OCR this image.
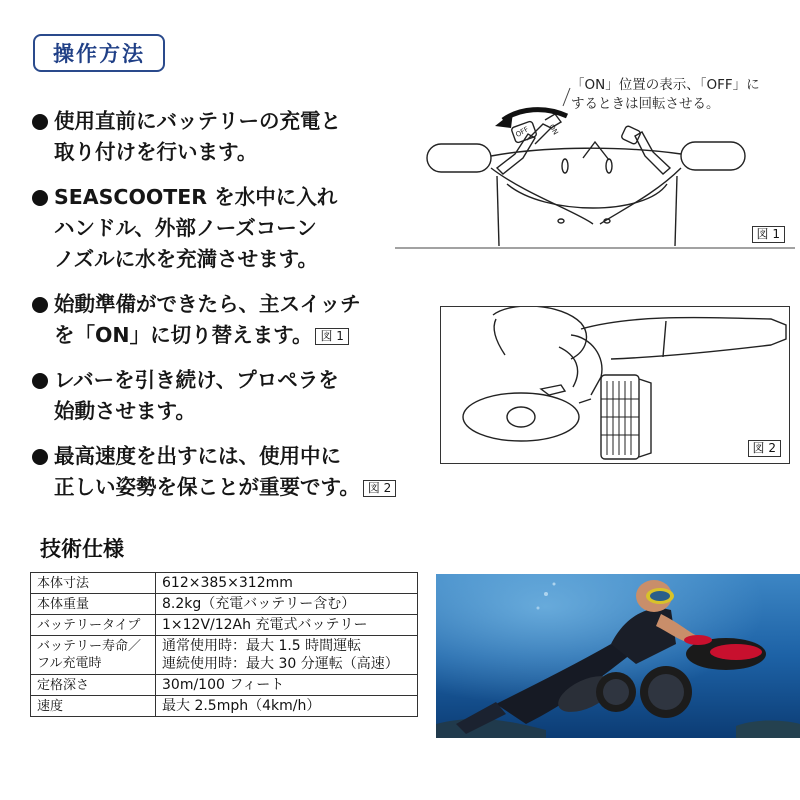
操作方法
使用直前にバッテリーの充電と
取り付けを行います。
SEASCOOTER を水中に入れ
ハンドル、外部ノーズコーン
ノズルに水を充満させます。
始動準備ができたら、主スイッチ
を「ON」に切り替えます。 図 1
レバーを引き続け、プロペラを
始動させます。
最高速度を出すには、使用中に
正しい姿勢を保ことが重要です。 図 2
「ON」位置の表示、「OFF」に
するときは回転させる。
OFF ON
図 1
図 2
技術仕様
本体寸法	612×385×312mm

本体重量	8.2kg（充電バッテリー含む）

バッテリータイプ	1×12V/12Ah 充電式バッテリー

バッテリー寿命／
フル充電時	通常使用時：最大 1.5 時間運転
連続使用時：最大 30 分運転（高速）

定格深さ	30m/100 フィート

速度	最大 2.5mph（4km/h）
